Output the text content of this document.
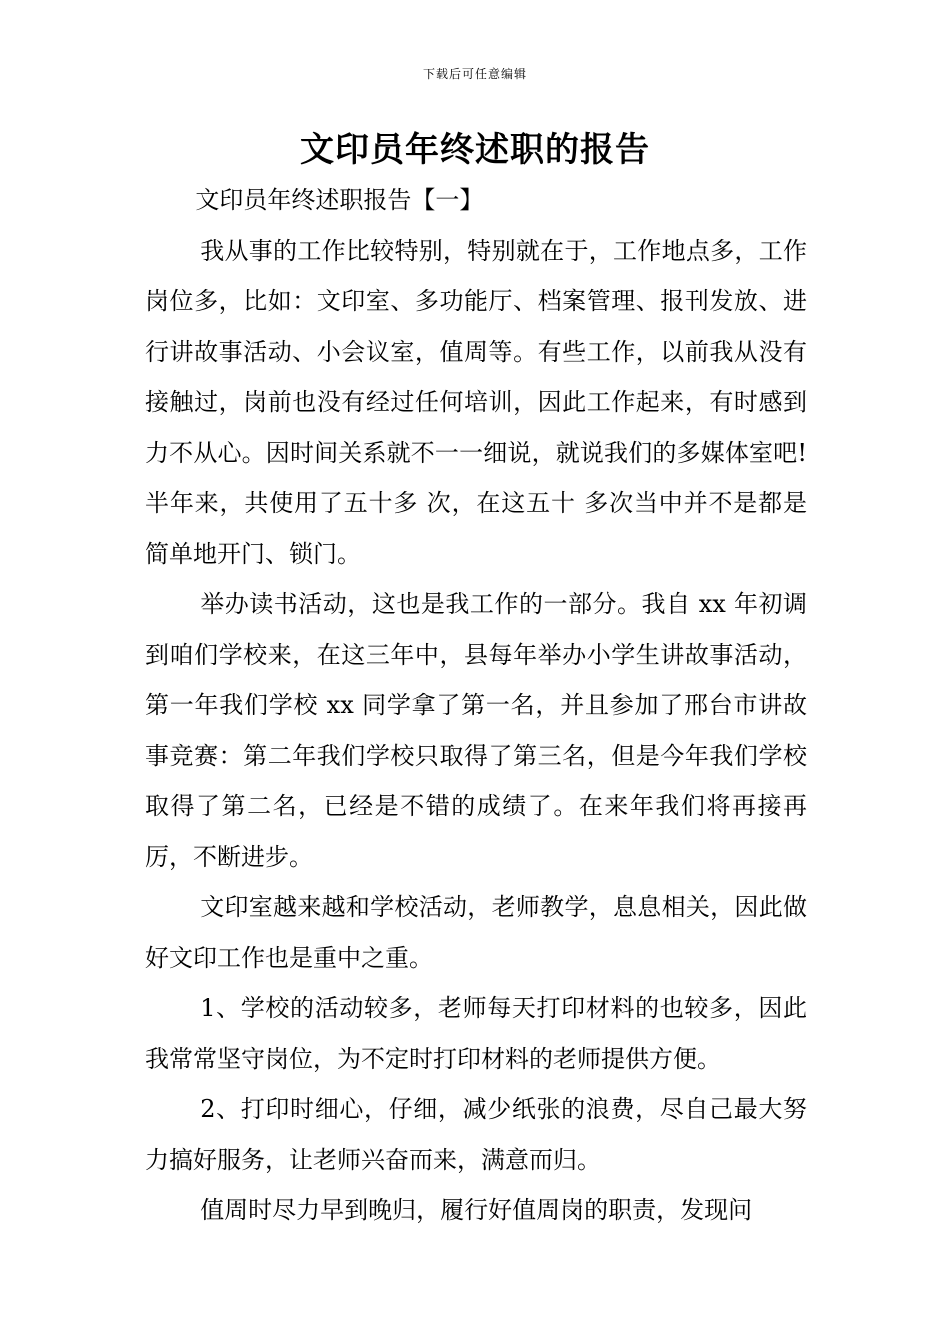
下载后可任意编辑
文印员年终述职的报告

文印员年终述职报告【一】

我从事的工作比较特别，特别就在于，工作地点多，工作岗位多，比如：文印室、多功能厅、档案管理、报刊发放、进行讲故事活动、小会议室，值周等。有些工作，以前我从没有接触过，岗前也没有经过任何培训，因此工作起来，有时感到力不从心。因时间关系就不一一细说，就说我们的多媒体室吧!半年来，共使用了五十多 次，在这五十 多次当中并不是都是简单地开门、锁门。

举办读书活动，这也是我工作的一部分。我自 xx 年初调到咱们学校来，在这三年中，县每年举办小学生讲故事活动，第一年我们学校 xx 同学拿了第一名，并且参加了邢台市讲故事竞赛：第二年我们学校只取得了第三名，但是今年我们学校取得了第二名，已经是不错的成绩了。在来年我们将再接再厉，不断进步。

文印室越来越和学校活动，老师教学，息息相关，因此做好文印工作也是重中之重。

1、学校的活动较多，老师每天打印材料的也较多，因此我常常坚守岗位，为不定时打印材料的老师提供方便。

2、打印时细心，仔细，减少纸张的浪费，尽自己最大努力搞好服务，让老师兴奋而来，满意而归。

值周时尽力早到晚归，履行好值周岗的职责，发现问
